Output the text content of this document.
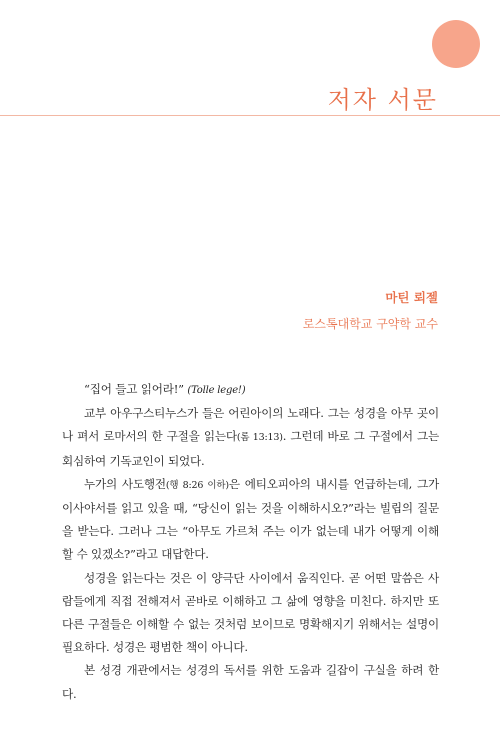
저자 서문
마틴 뢰젤
로스톡대학교 구약학 교수

“집어 들고 읽어라!” (Tolle lege!)

교부 아우구스티누스가 들은 어린아이의 노래다. 그는 성경을 아무 곳이나 펴서 로마서의 한 구절을 읽는다(롬 13:13). 그런데 바로 그 구절에서 그는 회심하여 기독교인이 되었다.

누가의 사도행전(행 8:26 이하)은 에티오피아의 내시를 언급하는데, 그가 이사야서를 읽고 있을 때, “당신이 읽는 것을 이해하시오?”라는 빌립의 질문을 받는다. 그러나 그는 “아무도 가르쳐 주는 이가 없는데 내가 어떻게 이해할 수 있겠소?”라고 대답한다.

성경을 읽는다는 것은 이 양극단 사이에서 움직인다. 곧 어떤 말씀은 사람들에게 직접 전해져서 곧바로 이해하고 그 삶에 영향을 미친다. 하지만 또 다른 구절들은 이해할 수 없는 것처럼 보이므로 명확해지기 위해서는 설명이 필요하다. 성경은 평범한 책이 아니다.

본 성경 개관에서는 성경의 독서를 위한 도움과 길잡이 구실을 하려 한다.
